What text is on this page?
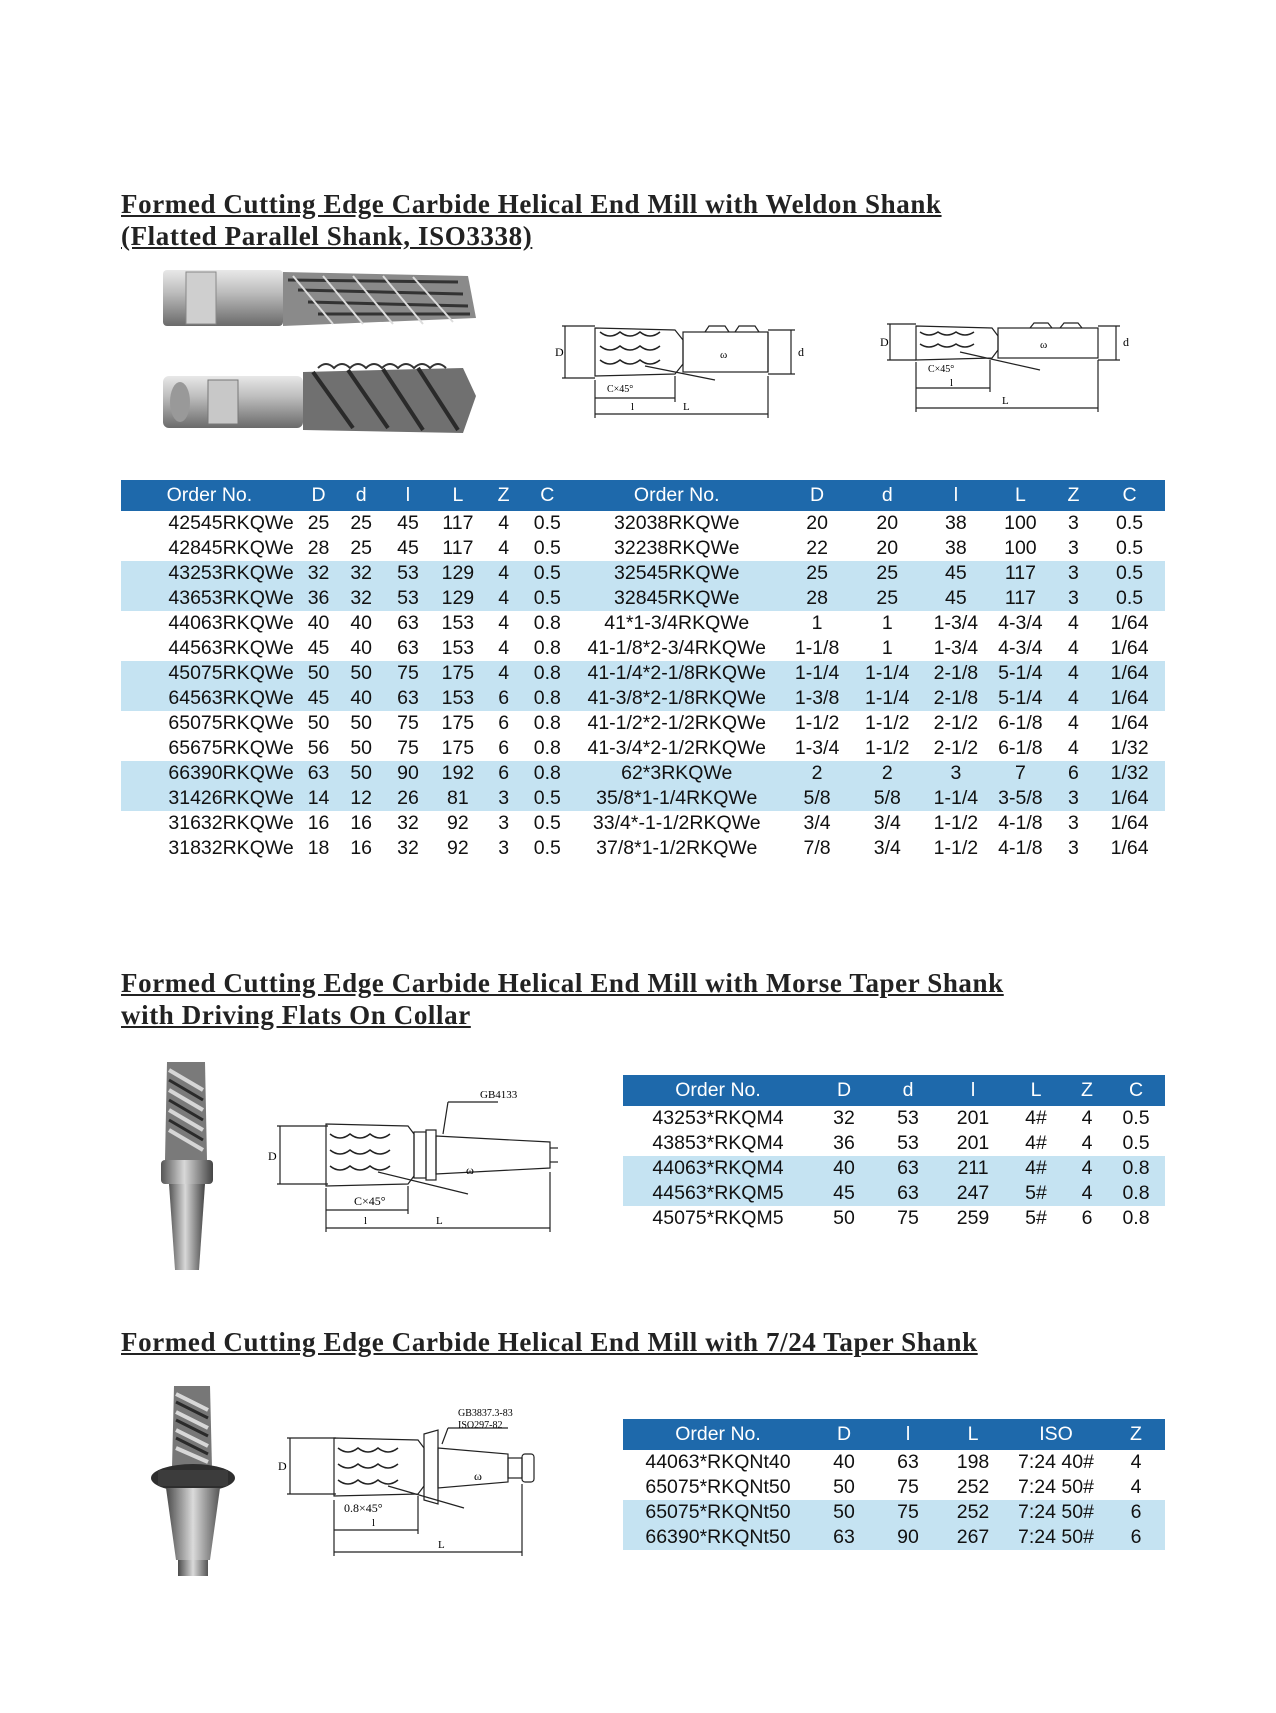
Formed Cutting Edge Carbide Helical End Mill with Weldon Shank
(Flatted Parallel Shank, ISO3338)
D	d
C×45°
l	L
ω
D	d
C×45°
l
L
ω
Order No.	D	d	l	L	Z	C	Order No.	D	d	l	L	Z	C
42545RKQWe	25	25	45	117	4	0.5	32038RKQWe	20	20	38	100	3	0.5
42845RKQWe	28	25	45	117	4	0.5	32238RKQWe	22	20	38	100	3	0.5
43253RKQWe	32	32	53	129	4	0.5	32545RKQWe	25	25	45	117	3	0.5
43653RKQWe	36	32	53	129	4	0.5	32845RKQWe	28	25	45	117	3	0.5
44063RKQWe	40	40	63	153	4	0.8	41*1-3/4RKQWe	1	1	1-3/4	4-3/4	4	1/64
44563RKQWe	45	40	63	153	4	0.8	41-1/8*2-3/4RKQWe	1-1/8	1	1-3/4	4-3/4	4	1/64
45075RKQWe	50	50	75	175	4	0.8	41-1/4*2-1/8RKQWe	1-1/4	1-1/4	2-1/8	5-1/4	4	1/64
64563RKQWe	45	40	63	153	6	0.8	41-3/8*2-1/8RKQWe	1-3/8	1-1/4	2-1/8	5-1/4	4	1/64
65075RKQWe	50	50	75	175	6	0.8	41-1/2*2-1/2RKQWe	1-1/2	1-1/2	2-1/2	6-1/8	4	1/64
65675RKQWe	56	50	75	175	6	0.8	41-3/4*2-1/2RKQWe	1-3/4	1-1/2	2-1/2	6-1/8	4	1/32
66390RKQWe	63	50	90	192	6	0.8	62*3RKQWe	2	2	3	7	6	1/32
31426RKQWe	14	12	26	81	3	0.5	35/8*1-1/4RKQWe	5/8	5/8	1-1/4	3-5/8	3	1/64
31632RKQWe	16	16	32	92	3	0.5	33/4*-1-1/2RKQWe	3/4	3/4	1-1/2	4-1/8	3	1/64
31832RKQWe	18	16	32	92	3	0.5	37/8*1-1/2RKQWe	7/8	3/4	1-1/2	4-1/8	3	1/64
Formed Cutting Edge Carbide Helical End Mill with Morse Taper Shank
with Driving Flats On Collar
GB4133
D
C×45°
l	L
ω
Order No.	D	d	l	L	Z	C
43253*RKQM4	32	53	201	4#	4	0.5
43853*RKQM4	36	53	201	4#	4	0.5
44063*RKQM4	40	63	211	4#	4	0.8
44563*RKQM5	45	63	247	5#	4	0.8
45075*RKQM5	50	75	259	5#	6	0.8
Formed Cutting Edge Carbide Helical End Mill with 7/24 Taper Shank
GB3837.3-83
ISO297-82
D
0.8×45°
l
L
ω
Order No.	D	l	L	ISO	Z
44063*RKQNt40	40	63	198	7:24 40#	4
65075*RKQNt50	50	75	252	7:24 50#	4
65075*RKQNt50	50	75	252	7:24 50#	6
66390*RKQNt50	63	90	267	7:24 50#	6
